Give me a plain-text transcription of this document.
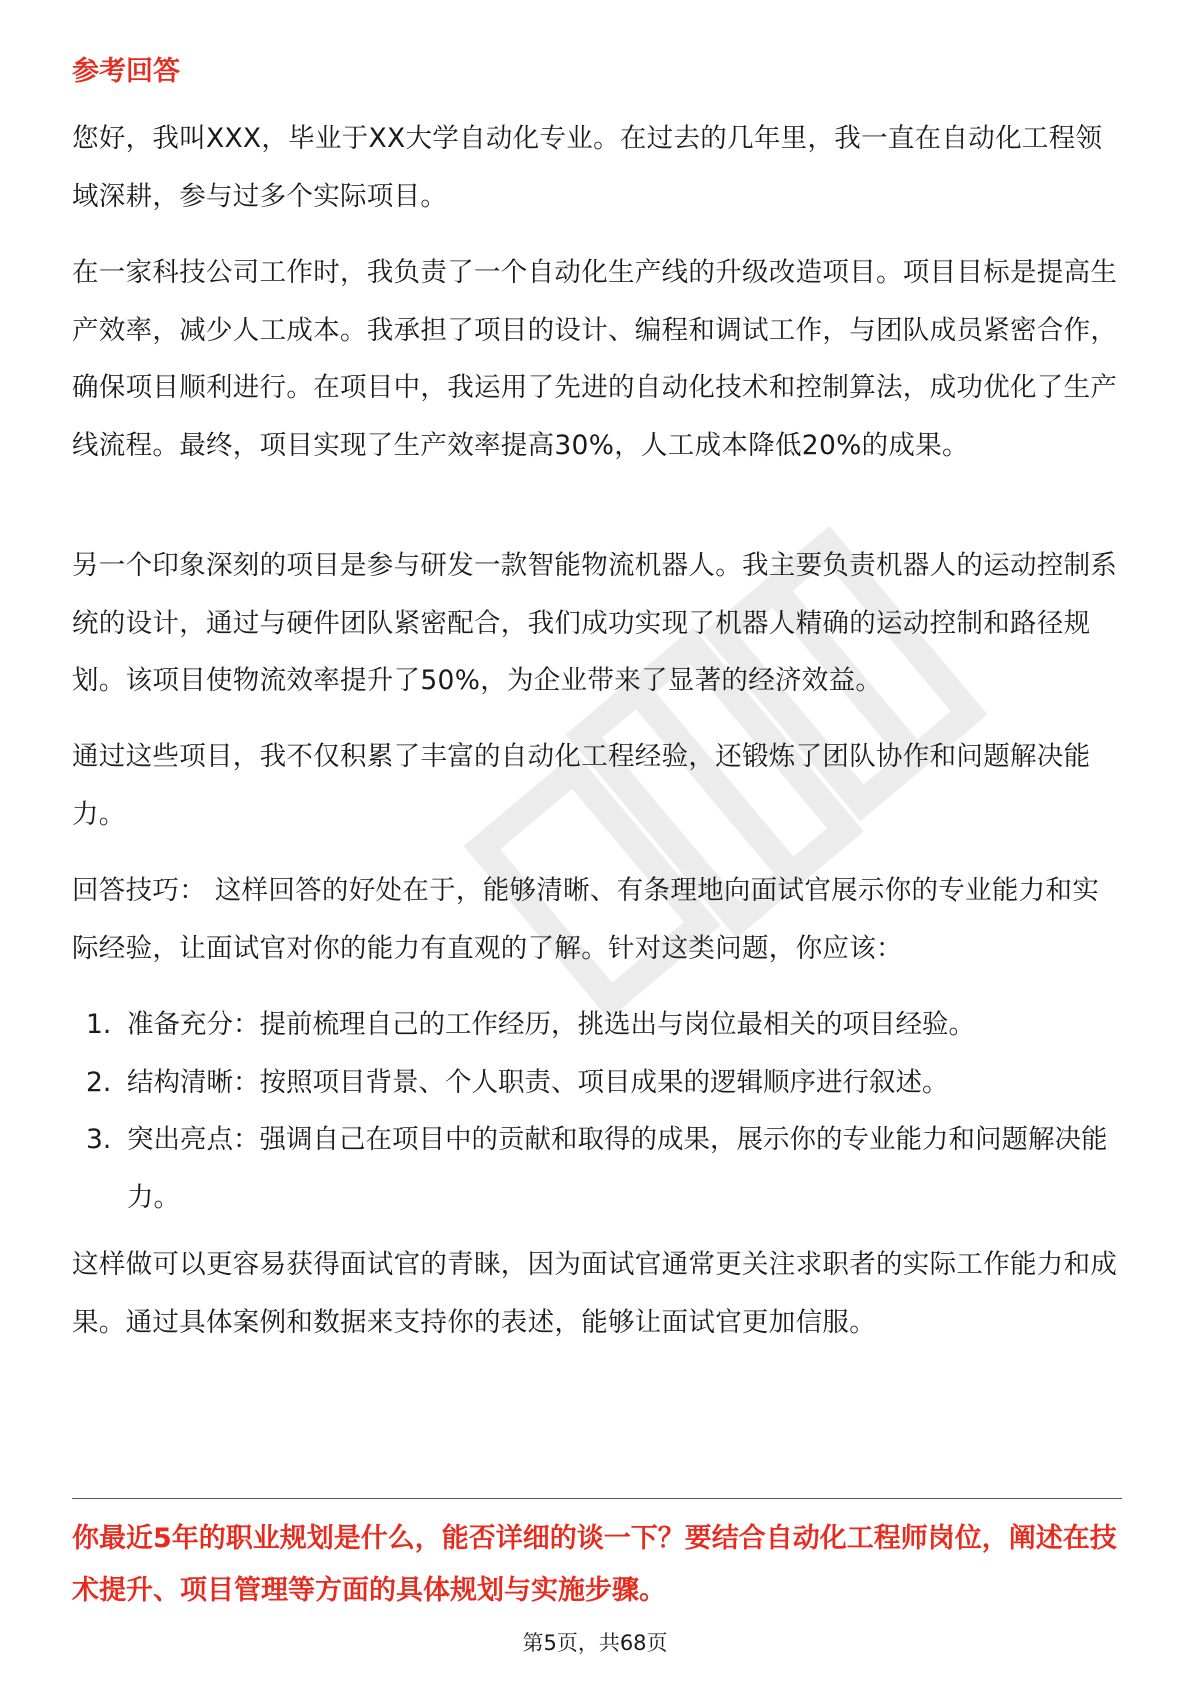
参考回答

您好，我叫XXX，毕业于XX大学自动化专业。在过去的几年里，我一直在自动化工程领域深耕，参与过多个实际项目。

在一家科技公司工作时，我负责了一个自动化生产线的升级改造项目。项目目标是提高生产效率，减少人工成本。我承担了项目的设计、编程和调试工作，与团队成员紧密合作，确保项目顺利进行。在项目中，我运用了先进的自动化技术和控制算法，成功优化了生产线流程。最终，项目实现了生产效率提高30%，人工成本降低20%的成果。

另一个印象深刻的项目是参与研发一款智能物流机器人。我主要负责机器人的运动控制系统的设计，通过与硬件团队紧密配合，我们成功实现了机器人精确的运动控制和路径规划。该项目使物流效率提升了50%，为企业带来了显著的经济效益。

通过这些项目，我不仅积累了丰富的自动化工程经验，还锻炼了团队协作和问题解决能力。

回答技巧： 这样回答的好处在于，能够清晰、有条理地向面试官展示你的专业能力和实际经验，让面试官对你的能力有直观的了解。针对这类问题，你应该：

1. 准备充分：提前梳理自己的工作经历，挑选出与岗位最相关的项目经验。
2. 结构清晰：按照项目背景、个人职责、项目成果的逻辑顺序进行叙述。
3. 突出亮点：强调自己在项目中的贡献和取得的成果，展示你的专业能力和问题解决能力。

这样做可以更容易获得面试官的青睐，因为面试官通常更关注求职者的实际工作能力和成果。通过具体案例和数据来支持你的表述，能够让面试官更加信服。

你最近5年的职业规划是什么，能否详细的谈一下？要结合自动化工程师岗位，阐述在技术提升、项目管理等方面的具体规划与实施步骤。

第5页，共68页
